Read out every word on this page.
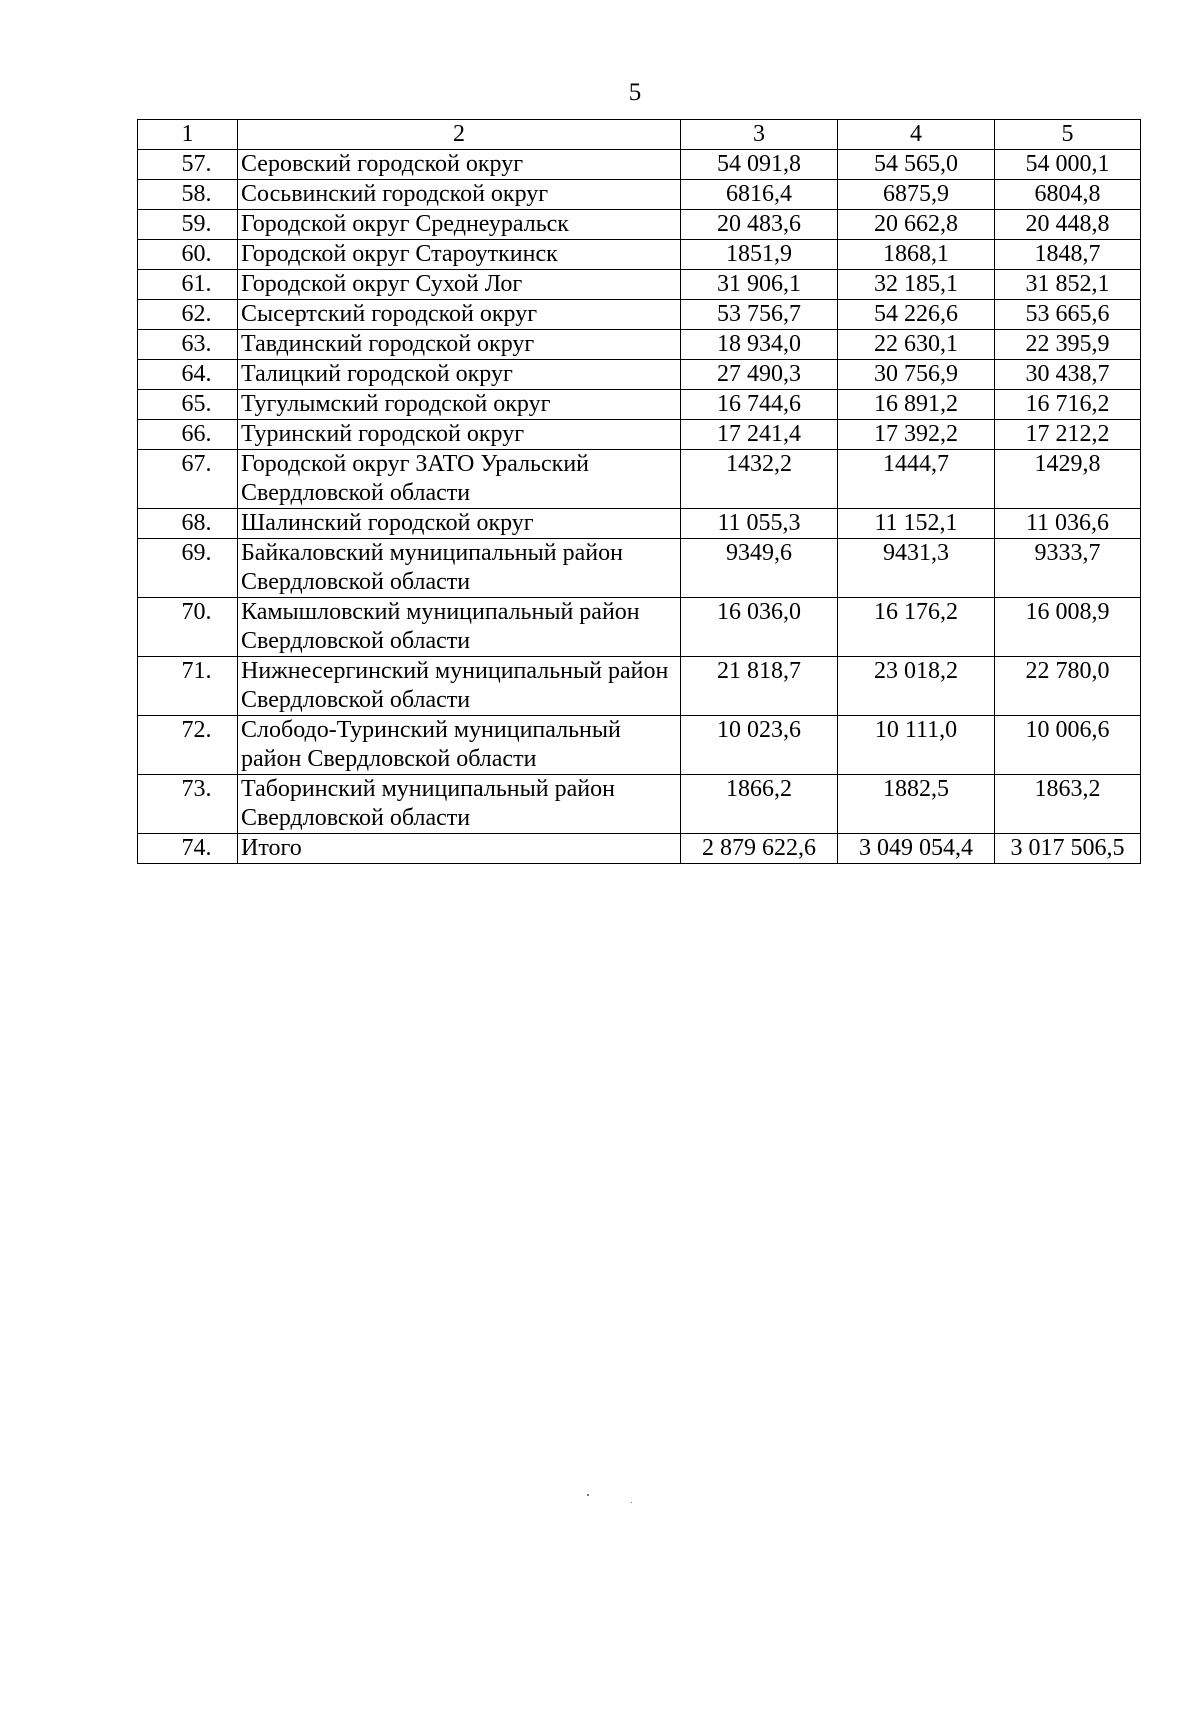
5
1	2	3	4	5
57.	Серовский городской округ	54 091,8	54 565,0	54 000,1
58.	Сосьвинский городской округ	6816,4	6875,9	6804,8
59.	Городской округ Среднеуральск	20 483,6	20 662,8	20 448,8
60.	Городской округ Староуткинск	1851,9	1868,1	1848,7
61.	Городской округ Сухой Лог	31 906,1	32 185,1	31 852,1
62.	Сысертский городской округ	53 756,7	54 226,6	53 665,6
63.	Тавдинский городской округ	18 934,0	22 630,1	22 395,9
64.	Талицкий городской округ	27 490,3	30 756,9	30 438,7
65.	Тугулымский городской округ	16 744,6	16 891,2	16 716,2
66.	Туринский городской округ	17 241,4	17 392,2	17 212,2
67.	Городской округ ЗАТО Уральский Свердловской области	1432,2	1444,7	1429,8
68.	Шалинский городской округ	11 055,3	11 152,1	11 036,6
69.	Байкаловский муниципальный район Свердловской области	9349,6	9431,3	9333,7
70.	Камышловский муниципальный район Свердловской области	16 036,0	16 176,2	16 008,9
71.	Нижнесергинский муниципальный район Свердловской области	21 818,7	23 018,2	22 780,0
72.	Слободо-Туринский муниципальный район Свердловской области	10 023,6	10 111,0	10 006,6
73.	Таборинский муниципальный район Свердловской области	1866,2	1882,5	1863,2
74.	Итого	2 879 622,6	3 049 054,4	3 017 506,5
